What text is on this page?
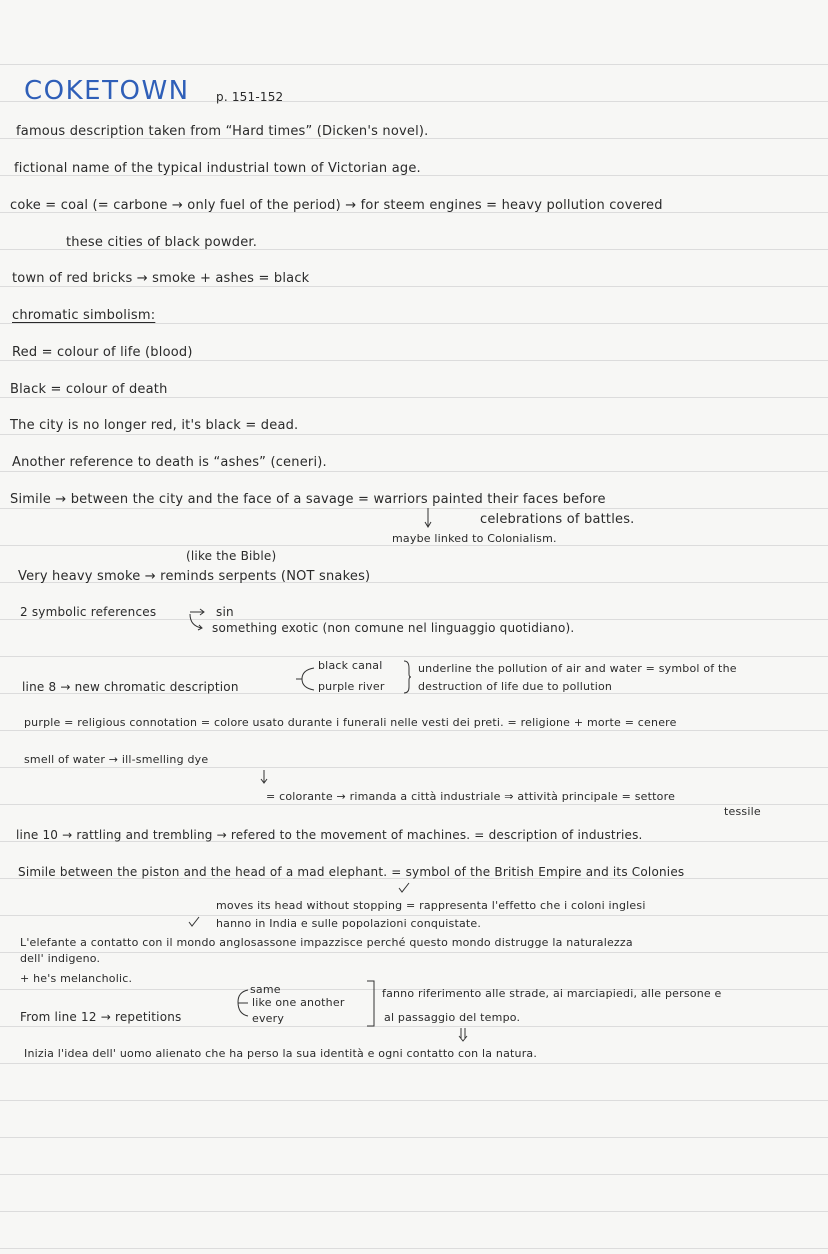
COKETOWN p. 151-152
famous description taken from “Hard times” (Dicken's novel).
fictional name of the typical industrial town of Victorian age.
coke = coal (= carbone → only fuel of the period) → for steem engines = heavy pollution covered
these cities of black powder.
town of red bricks → smoke + ashes = black
chromatic simbolism:
Red = colour of life (blood)
Black = colour of death
The city is no longer red, it's black = dead.
Another reference to death is “ashes” (ceneri).
Simile → between the city and the face of a savage = warriors painted their faces before
celebrations of battles.
maybe linked to Colonialism.
(like the Bible)
Very heavy smoke → reminds serpents (NOT snakes)
2 symbolic references	sin
something exotic (non comune nel linguaggio quotidiano).
black canal	underline the pollution of air and water = symbol of the
line 8 → new chromatic description	purple river	destruction of life due to pollution
purple = religious connotation = colore usato durante i funerali nelle vesti dei preti. = religione + morte = cenere
smell of water → ill-smelling dye
= colorante → rimanda a città industriale ⇒ attività principale = settore
tessile
line 10 → rattling and trembling → refered to the movement of machines. = description of industries.
Simile between the piston and the head of a mad elephant. = symbol of the British Empire and its Colonies
moves its head without stopping = rappresenta l'effetto che i coloni inglesi
hanno in India e sulle popolazioni conquistate.
L'elefante a contatto con il mondo anglosassone impazzisce perché questo mondo distrugge la naturalezza
dell' indigeno.
+ he's melancholic.
same	fanno riferimento alle strade, ai marciapiedi, alle persone e
like one another
From line 12 → repetitions	every	al passaggio del tempo.
Inizia l'idea dell' uomo alienato che ha perso la sua identità e ogni contatto con la natura.
